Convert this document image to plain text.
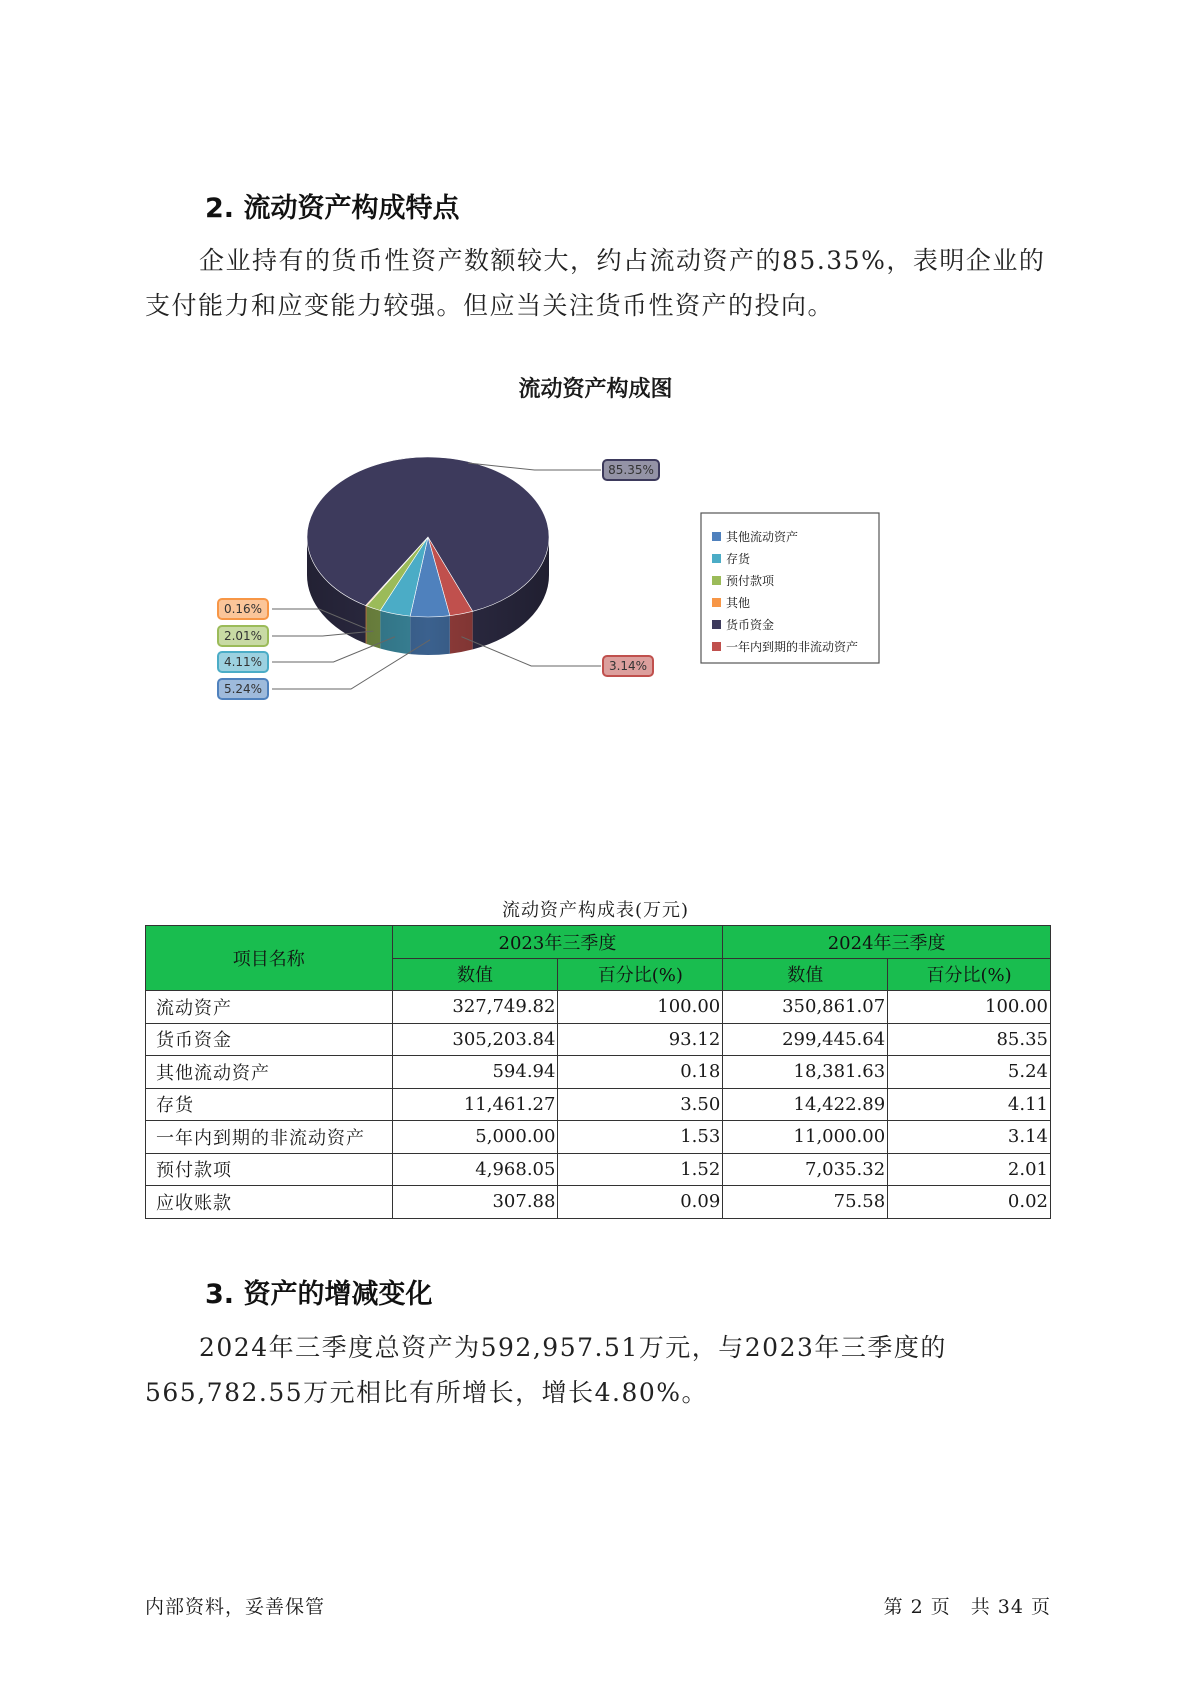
2. 流动资产构成特点

企业持有的货币性资产数额较大，约占流动资产的85.35%，表明企业的支付能力和应变能力较强。但应当关注货币性资产的投向。

流动资产构成图
5.24%
4.11%
2.01%
0.16%
85.35%
3.14%
其他流动资产
存货
预付款项
其他
货币资金
一年内到期的非流动资产
流动资产构成表(万元)
项目名称	2023年三季度		2024年三季度	
	数值	百分比(%)	数值	百分比(%)
流动资产	327,749.82	100.00	350,861.07	100.00
货币资金	305,203.84	93.12	299,445.64	85.35
其他流动资产	594.94	0.18	18,381.63	5.24
存货	11,461.27	3.50	14,422.89	4.11
一年内到期的非流动资产	5,000.00	1.53	11,000.00	3.14
预付款项	4,968.05	1.52	7,035.32	2.01
应收账款	307.88	0.09	75.58	0.02
3. 资产的增减变化

2024年三季度总资产为592,957.51万元，与2023年三季度的565,782.55万元相比有所增长，增长4.80%。

内部资料，妥善保管	第 2 页　共 34 页
